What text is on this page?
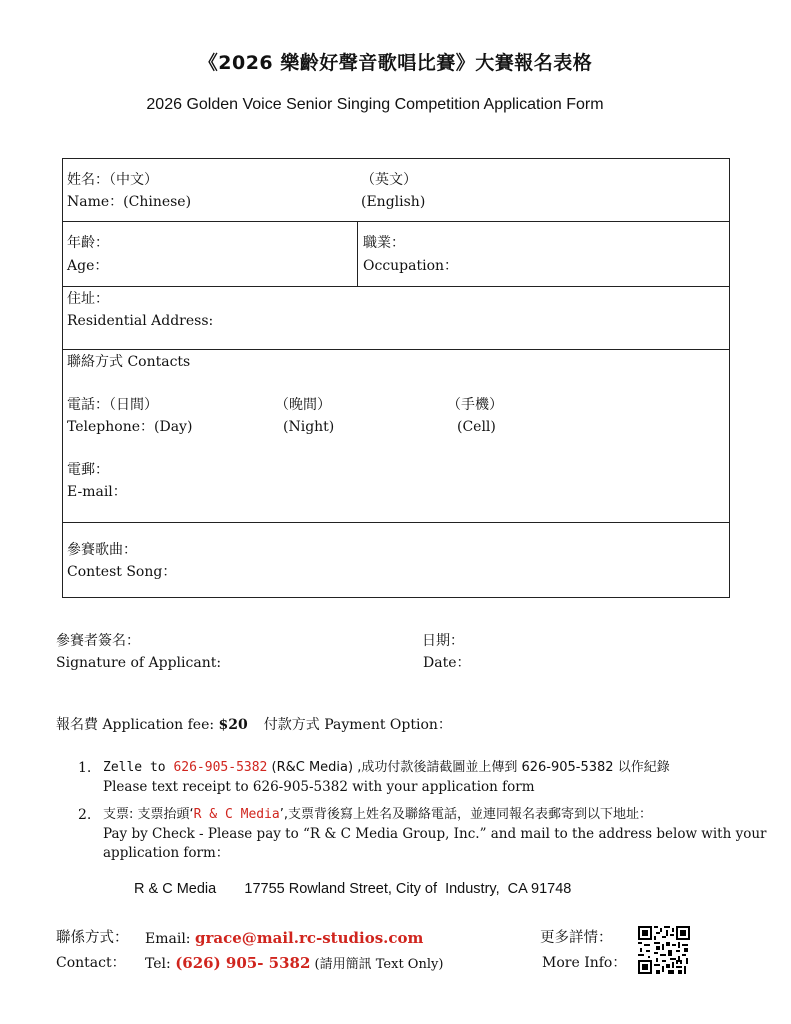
《2026 樂齡好聲音歌唱比賽》大賽報名表格
2026 Golden Voice Senior Singing Competition Application Form
姓名：（中文）
Name：(Chinese)
（英文）
(English)
年齡：
Age：
職業：
Occupation：
住址：
Residential Address:
聯絡方式 Contacts
電話：（日間）
Telephone：(Day)
（晚間）
(Night)
（手機）
(Cell)
電郵：
E-mail：
參賽歌曲：
Contest Song：
參賽者簽名：
Signature of Applicant:
日期：
Date：
報名費 Application fee: $20 付款方式 Payment Option：
1. Zelle to 626-905-5382 (R&C Media) ,成功付款後請截圖並上傳到 626-905-5382 以作紀錄
Please text receipt to 626-905-5382 with your application form
2. 支票: 支票抬頭‘R & C Media’,支票背後寫上姓名及聯絡電話，並連同報名表郵寄到以下地址：
Pay by Check - Please pay to “R & C Media Group, Inc.” and mail to the address below with your
application form：
R & C Media       17755 Rowland Street, City of  Industry,  CA 91748
聯係方式：
Contact：
Email: grace@mail.rc-studios.com
Tel: (626) 905- 5382 (請用簡訊 Text Only)
更多詳情：
More Info：
